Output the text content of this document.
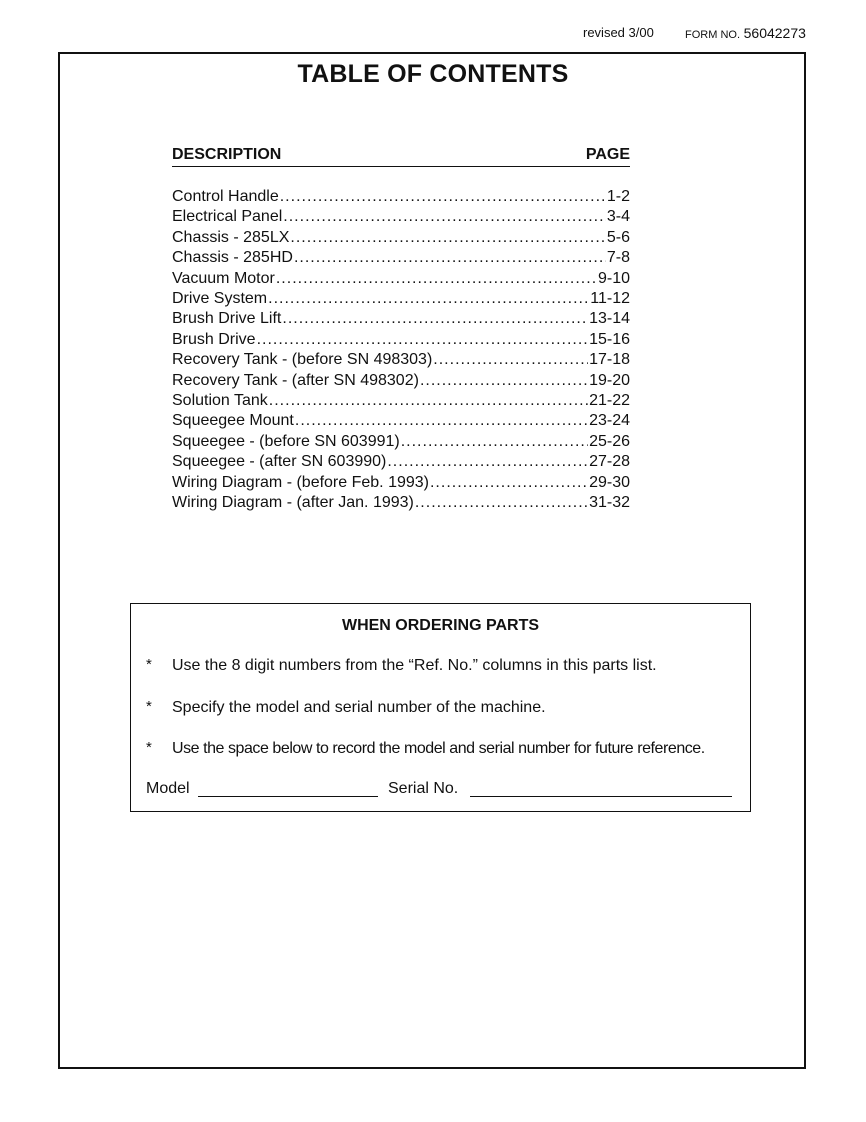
revised 3/00	FORM NO. 56042273
TABLE OF CONTENTS
DESCRIPTION	PAGE
Control Handle .....	1-2
Electrical Panel .....	3-4
Chassis - 285LX .....	5-6
Chassis - 285HD .....	7-8
Vacuum Motor .....	9-10
Drive System .....	11-12
Brush Drive Lift .....	13-14
Brush Drive .....	15-16
Recovery Tank - (before SN 498303) .....	17-18
Recovery Tank - (after SN 498302) .....	19-20
Solution Tank .....	21-22
Squeegee Mount .....	23-24
Squeegee - (before SN 603991) .....	25-26
Squeegee - (after SN 603990) .....	27-28
Wiring Diagram - (before Feb. 1993) .....	29-30
Wiring Diagram - (after Jan. 1993) .....	31-32
WHEN ORDERING PARTS
* Use the 8 digit numbers from the “Ref. No.” columns in this parts list.
* Specify the model and serial number of the machine.
* Use the space below to record the model and serial number for future reference.
Model	Serial No.
